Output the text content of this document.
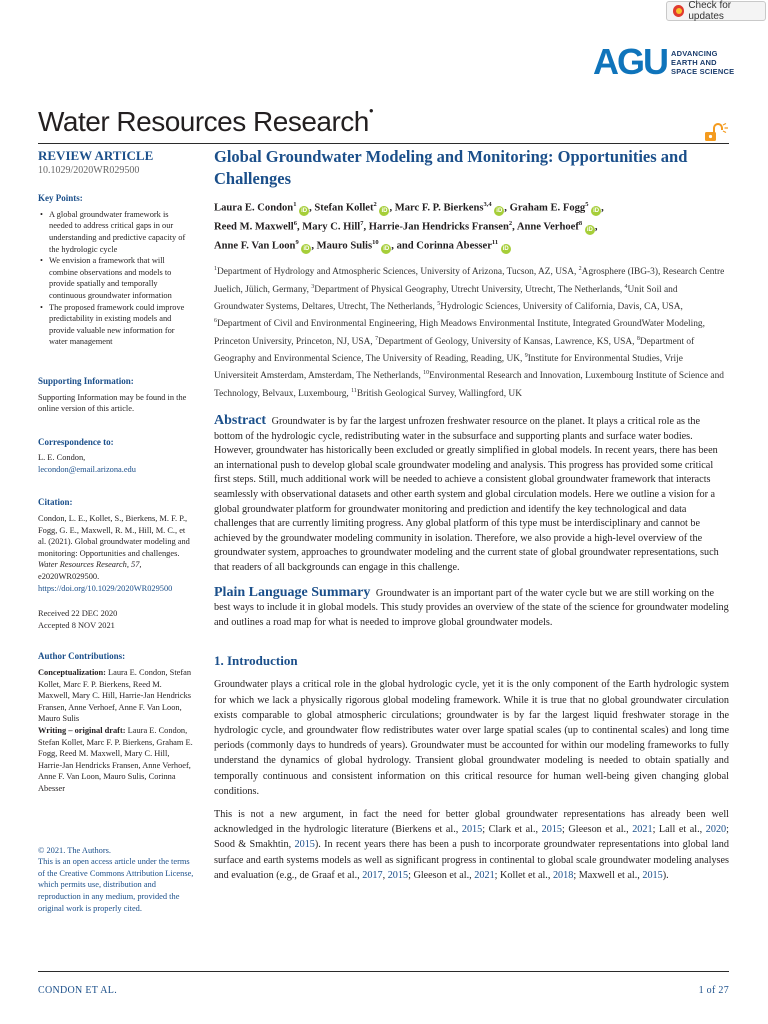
Check for updates
AGU ADVANCING
EARTH AND
SPACE SCIENCE
Water Resources Research●
REVIEW ARTICLE
10.1029/2020WR029500
Key Points:
• A global groundwater framework is needed to address critical gaps in our understanding and predictive capacity of the hydrologic cycle
• We envision a framework that will combine observations and models to provide spatially and temporally continuous groundwater information
• The proposed framework could improve predictability in existing models and provide valuable new information for water management
Supporting Information:

Supporting Information may be found in the online version of this article.

Correspondence to:

L. E. Condon,

lecondon@email.arizona.edu

Citation:

Condon, L. E., Kollet, S., Bierkens, M. F. P., Fogg, G. E., Maxwell, R. M., Hill, M. C., et al. (2021). Global groundwater modeling and monitoring: Opportunities and challenges. Water Resources Research, 57, e2020WR029500. https://doi.org/10.1029/2020WR029500

Received 22 DEC 2020

Accepted 8 NOV 2021

Author Contributions:

Conceptualization: Laura E. Condon, Stefan Kollet, Marc F. P. Bierkens, Reed M. Maxwell, Mary C. Hill, Harrie-Jan Hendricks Fransen, Anne Verhoef, Anne F. Van Loon, Mauro Sulis

Writing – original draft: Laura E. Condon, Stefan Kollet, Marc F. P. Bierkens, Graham E. Fogg, Reed M. Maxwell, Mary C. Hill, Harrie-Jan Hendricks Fransen, Anne Verhoef, Anne F. Van Loon, Mauro Sulis, Corinna Abesser

© 2021. The Authors.

This is an open access article under the terms of the Creative Commons Attribution License, which permits use, distribution and reproduction in any medium, provided the original work is properly cited.

Global Groundwater Modeling and Monitoring: Opportunities and Challenges
Laura E. Condon$^1$ iD , Stefan Kollet$^2$ iD , Marc F. P. Bierkens$^{3,4}$ iD , Graham E. Fogg$^5$ iD ,
Reed M. Maxwell$^6$, Mary C. Hill$^7$, Harrie-Jan Hendricks Fransen$^2$, Anne Verhoef$^8$ iD ,
Anne F. Van Loon$^9$ iD , Mauro Sulis$^{10}$ iD , and Corinna Abesser$^{11}$ iD
$^1$Department of Hydrology and Atmospheric Sciences, University of Arizona, Tucson, AZ, USA, $^2$Agrosphere (IBG-3), Research Centre Juelich, Jülich, Germany, $^3$Department of Physical Geography, Utrecht University, Utrecht, The Netherlands, $^4$Unit Soil and Groundwater Systems, Deltares, Utrecht, The Netherlands, $^5$Hydrologic Sciences, University of California, Davis, CA, USA, $^6$Department of Civil and Environmental Engineering, High Meadows Environmental Institute, Integrated GroundWater Modeling, Princeton University, Princeton, NJ, USA, $^7$Department of Geology, University of Kansas, Lawrence, KS, USA, $^8$Department of Geography and Environmental Science, The University of Reading, Reading, UK, $^9$Institute for Environmental Studies, Vrije Universiteit Amsterdam, Amsterdam, The Netherlands, $^{10}$Environmental Research and Innovation, Luxembourg Institute of Science and Technology, Belvaux, Luxembourg, $^{11}$British Geological Survey, Wallingford, UK

Abstract Groundwater is by far the largest unfrozen freshwater resource on the planet. It plays a critical role as the bottom of the hydrologic cycle, redistributing water in the subsurface and supporting plants and surface water bodies. However, groundwater has historically been excluded or greatly simplified in global models. In recent years, there has been an international push to develop global scale groundwater modeling and analysis. This progress has provided some critical first steps. Still, much additional work will be needed to achieve a consistent global groundwater framework that interacts seamlessly with observational datasets and other earth system and global circulation models. Here we outline a vision for a global groundwater platform for groundwater monitoring and prediction and identify the key technological and data challenges that are currently limiting progress. Any global platform of this type must be interdisciplinary and cannot be achieved by the groundwater modeling community in isolation. Therefore, we also provide a high-level overview of the groundwater system, approaches to groundwater modeling and the current state of global groundwater representations, such that readers of all backgrounds can engage in this challenge.

Plain Language Summary Groundwater is an important part of the water cycle but we are still working on the best ways to include it in global models. This study provides an overview of the state of the science for groundwater modeling and outlines a road map for what is needed to improve global groundwater models.

1. Introduction

Groundwater plays a critical role in the global hydrologic cycle, yet it is the only component of the Earth hydrologic system for which we lack a physically rigorous global modeling framework. While it is true that no global groundwater circulation exists comparable to global atmospheric circulations; groundwater is by far the largest liquid freshwater storage in the hydrologic cycle, and groundwater flow redistributes water over large spatial scales (up to continental scales) and long time periods (commonly days to hundreds of years). Groundwater must be accounted for within our modeling frameworks to fully understand the dynamics of global hydrology. Transient global groundwater modeling is needed to obtain spatially and temporally continuous and consistent information on this critical resource for human well-being given changing global conditions.

This is not a new argument, in fact the need for better global groundwater representations has already been well acknowledged in the hydrologic literature (Bierkens et al., 2015; Clark et al., 2015; Gleeson et al., 2021; Lall et al., 2020; Sood & Smakhtin, 2015). In recent years there has been a push to incorporate groundwater representations into global land surface and earth systems models as well as significant progress in continental to global scale groundwater modeling analyses and evaluation (e.g., de Graaf et al., 2017, 2015; Gleeson et al., 2021; Kollet et al., 2018; Maxwell et al., 2015).

CONDON ET AL.	1 of 27
